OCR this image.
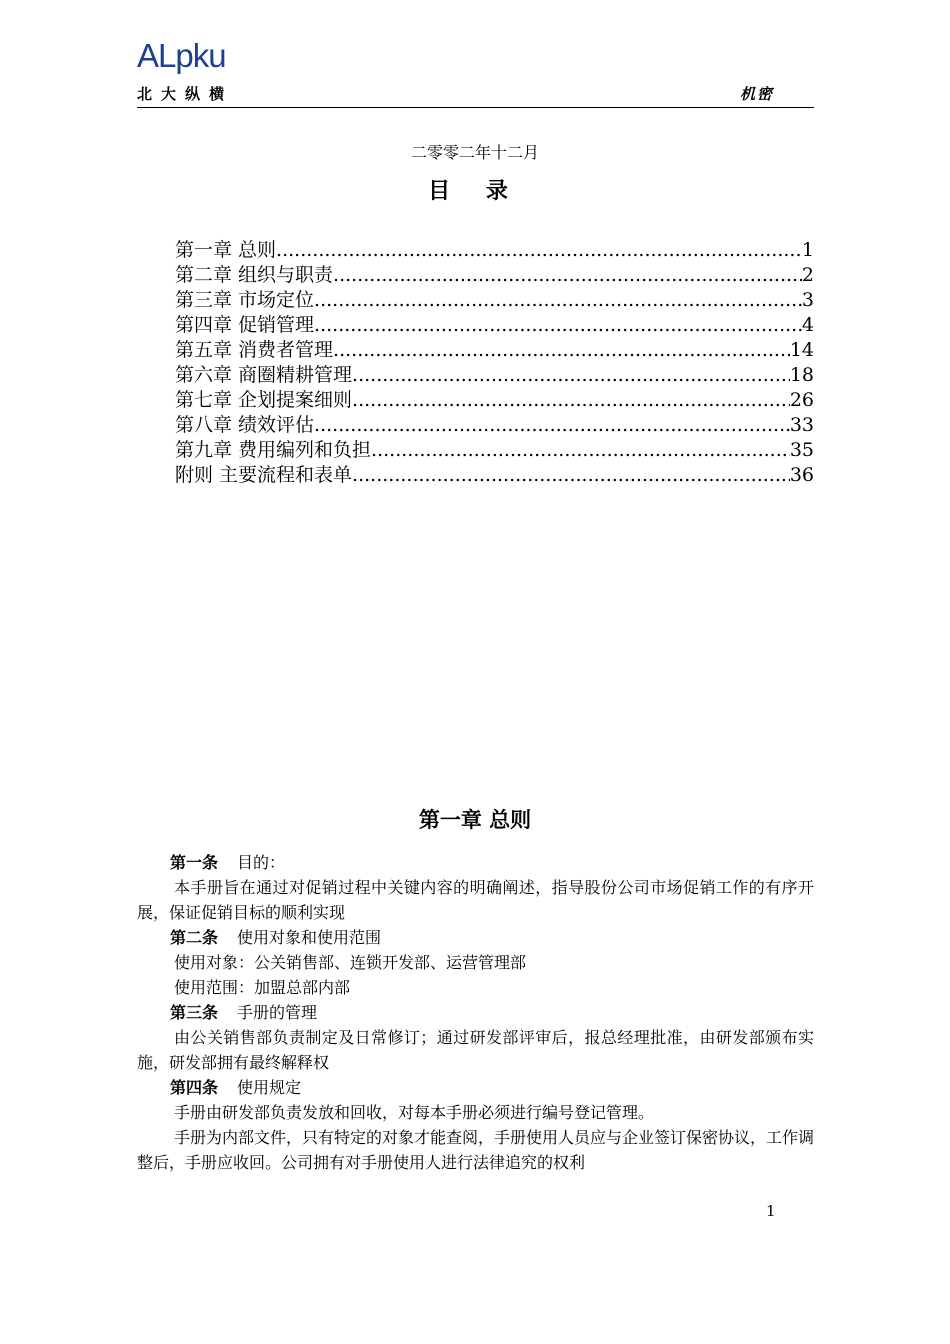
ALpku
北大纵横	机密
二零零二年十二月
目 录
第一章 总则 .....	1
第二章 组织与职责 .....	2
第三章 市场定位 .....	3
第四章 促销管理 .....	4
第五章 消费者管理 .....	14
第六章 商圈精耕管理 .....	18
第七章 企划提案细则 .....	26
第八章 绩效评估 .....	33
第九章 费用编列和负担 .....	35
附则 主要流程和表单 .....	36
第一章 总则
第一条	目的：
本手册旨在通过对促销过程中关键内容的明确阐述，指导股份公司市场促销工作的有序开展，保证促销目标的顺利实现
第二条	使用对象和使用范围
使用对象：公关销售部、连锁开发部、运营管理部
使用范围：加盟总部内部
第三条	手册的管理
由公关销售部负责制定及日常修订；通过研发部评审后，报总经理批准，由研发部颁布实施，研发部拥有最终解释权
第四条	使用规定
手册由研发部负责发放和回收，对每本手册必须进行编号登记管理。
手册为内部文件，只有特定的对象才能查阅，手册使用人员应与企业签订保密协议，工作调整后，手册应收回。公司拥有对手册使用人进行法律追究的权利
1
